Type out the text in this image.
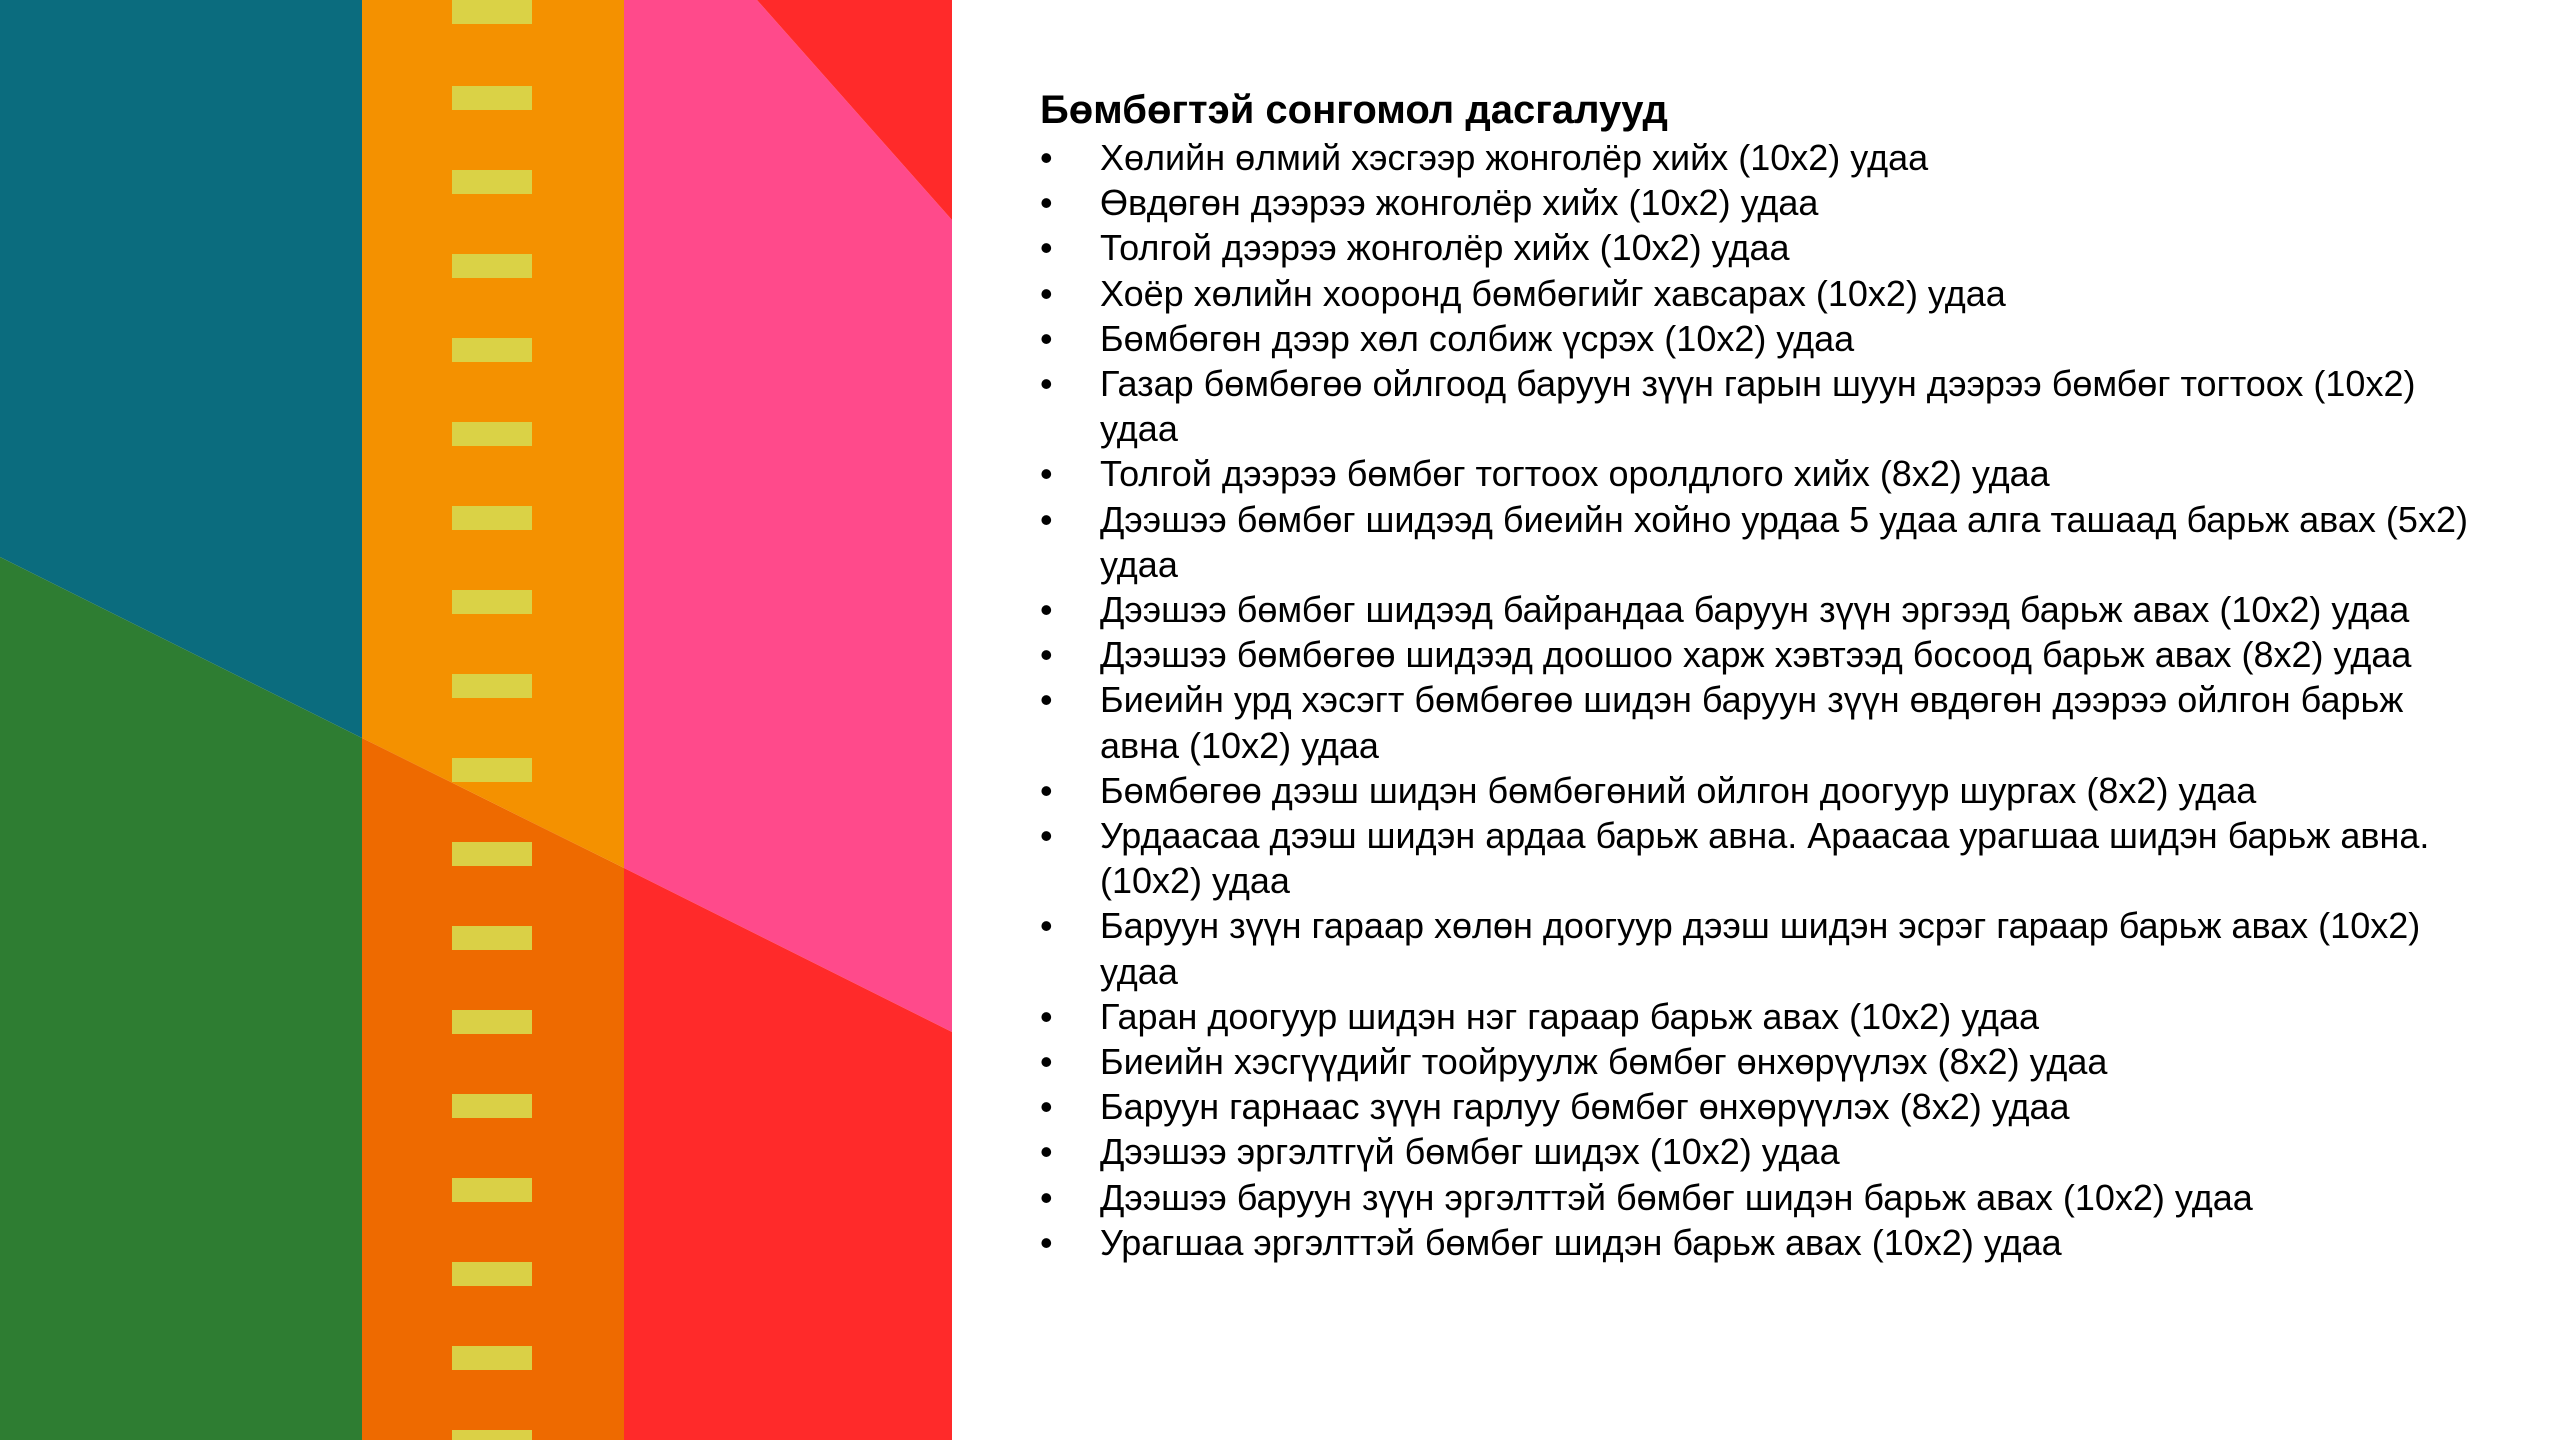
Бөмбөгтэй сонгомол дасгалууд
•	Хөлийн өлмий хэсгээр жонголёр хийх (10x2) удаа
•	Өвдөгөн дээрээ жонголёр хийх (10x2) удаа
•	Толгой дээрээ жонголёр хийх (10x2) удаа
•	Хоёр хөлийн хооронд бөмбөгийг хавсарах (10x2) удаа
•	Бөмбөгөн дээр хөл солбиж үсрэх (10x2) удаа
•	Газар бөмбөгөө ойлгоод баруун зүүн гарын шуун дээрээ бөмбөг тогтоох (10x2) удаа
•	Толгой дээрээ бөмбөг тогтоох оролдлого хийх (8x2) удаа
•	Дээшээ бөмбөг шидээд биеийн хойно урдаа 5 удаа алга ташаад барьж авах (5x2) удаа
•	Дээшээ бөмбөг шидээд байрандаа баруун зүүн эргээд барьж авах (10x2) удаа
•	Дээшээ бөмбөгөө шидээд доошоо харж хэвтээд босоод барьж авах (8x2) удаа
•	Биеийн урд хэсэгт бөмбөгөө шидэн баруун зүүн өвдөгөн дээрээ ойлгон барьж авна (10x2) удаа
•	Бөмбөгөө дээш шидэн бөмбөгөний ойлгон доогуур шургах (8x2) удаа
•	Урдаасаа дээш шидэн ардаа барьж авна. Араасаа урагшаа шидэн барьж авна. (10x2) удаа
•	Баруун зүүн гараар хөлөн доогуур дээш шидэн эсрэг гараар барьж авах (10x2) удаа
•	Гаран доогуур шидэн нэг гараар барьж авах (10x2) удаа
•	Биеийн хэсгүүдийг тоойруулж бөмбөг өнхөрүүлэх (8x2) удаа
•	Баруун гарнаас зүүн гарлуу бөмбөг өнхөрүүлэх (8x2) удаа
•	Дээшээ эргэлтгүй бөмбөг шидэх (10x2) удаа
•	Дээшээ баруун зүүн эргэлттэй бөмбөг шидэн барьж авах (10x2) удаа
•	Урагшаа эргэлттэй бөмбөг шидэн барьж авах (10x2) удаа
